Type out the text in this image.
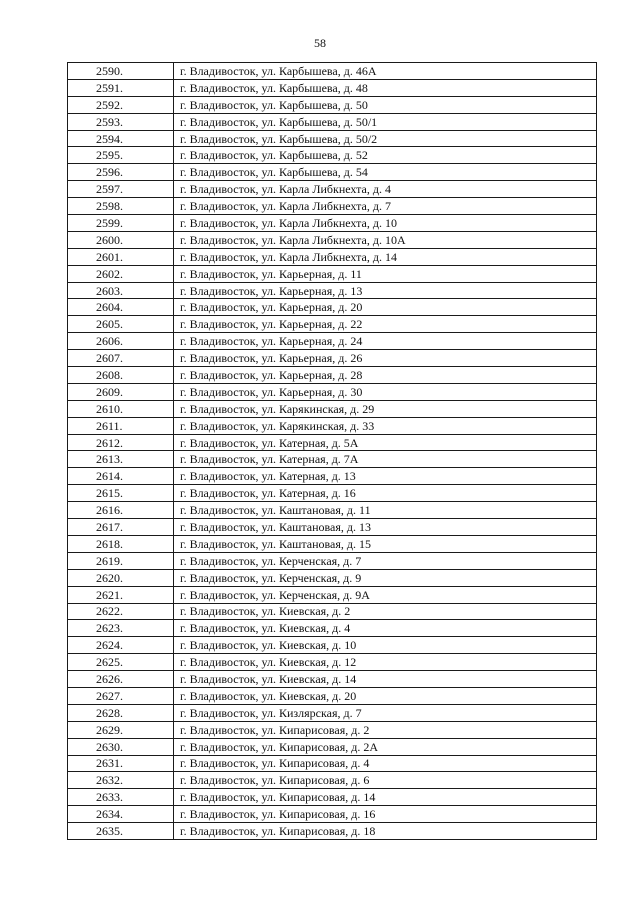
58
2590.	г. Владивосток, ул. Карбышева, д. 46А
2591.	г. Владивосток, ул. Карбышева, д. 48
2592.	г. Владивосток, ул. Карбышева, д. 50
2593.	г. Владивосток, ул. Карбышева, д. 50/1
2594.	г. Владивосток, ул. Карбышева, д. 50/2
2595.	г. Владивосток, ул. Карбышева, д. 52
2596.	г. Владивосток, ул. Карбышева, д. 54
2597.	г. Владивосток, ул. Карла Либкнехта, д. 4
2598.	г. Владивосток, ул. Карла Либкнехта, д. 7
2599.	г. Владивосток, ул. Карла Либкнехта, д. 10
2600.	г. Владивосток, ул. Карла Либкнехта, д. 10А
2601.	г. Владивосток, ул. Карла Либкнехта, д. 14
2602.	г. Владивосток, ул. Карьерная, д. 11
2603.	г. Владивосток, ул. Карьерная, д. 13
2604.	г. Владивосток, ул. Карьерная, д. 20
2605.	г. Владивосток, ул. Карьерная, д. 22
2606.	г. Владивосток, ул. Карьерная, д. 24
2607.	г. Владивосток, ул. Карьерная, д. 26
2608.	г. Владивосток, ул. Карьерная, д. 28
2609.	г. Владивосток, ул. Карьерная, д. 30
2610.	г. Владивосток, ул. Карякинская, д. 29
2611.	г. Владивосток, ул. Карякинская, д. 33
2612.	г. Владивосток, ул. Катерная, д. 5А
2613.	г. Владивосток, ул. Катерная, д. 7А
2614.	г. Владивосток, ул. Катерная, д. 13
2615.	г. Владивосток, ул. Катерная, д. 16
2616.	г. Владивосток, ул. Каштановая, д. 11
2617.	г. Владивосток, ул. Каштановая, д. 13
2618.	г. Владивосток, ул. Каштановая, д. 15
2619.	г. Владивосток, ул. Керченская, д. 7
2620.	г. Владивосток, ул. Керченская, д. 9
2621.	г. Владивосток, ул. Керченская, д. 9А
2622.	г. Владивосток, ул. Киевская, д. 2
2623.	г. Владивосток, ул. Киевская, д. 4
2624.	г. Владивосток, ул. Киевская, д. 10
2625.	г. Владивосток, ул. Киевская, д. 12
2626.	г. Владивосток, ул. Киевская, д. 14
2627.	г. Владивосток, ул. Киевская, д. 20
2628.	г. Владивосток, ул. Кизлярская, д. 7
2629.	г. Владивосток, ул. Кипарисовая, д. 2
2630.	г. Владивосток, ул. Кипарисовая, д. 2А
2631.	г. Владивосток, ул. Кипарисовая, д. 4
2632.	г. Владивосток, ул. Кипарисовая, д. 6
2633.	г. Владивосток, ул. Кипарисовая, д. 14
2634.	г. Владивосток, ул. Кипарисовая, д. 16
2635.	г. Владивосток, ул. Кипарисовая, д. 18
